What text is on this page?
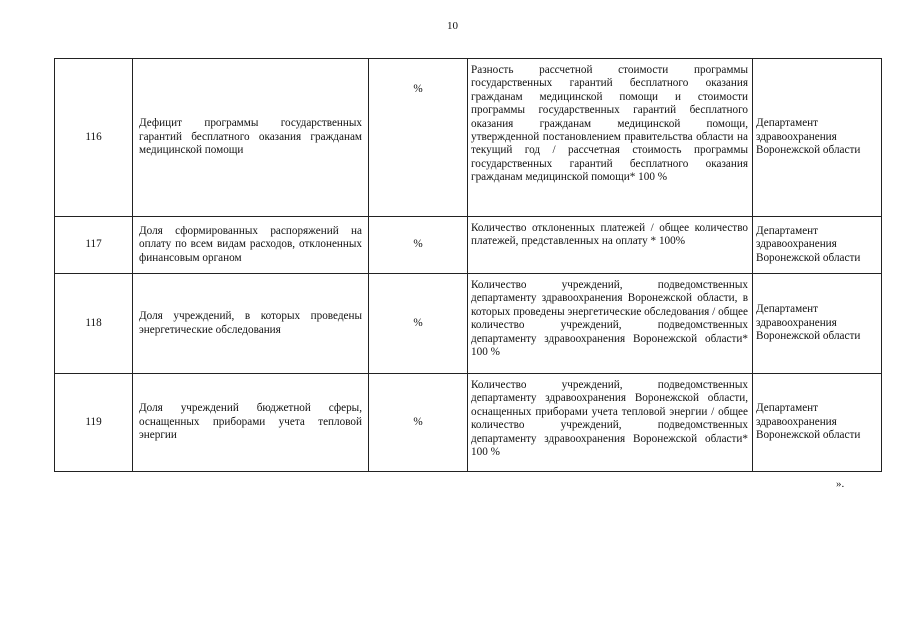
10
116	Дефицит программы государственных гарантий бесплатного оказания гражданам медицинской помощи	%	Разность рассчетной стоимости программы государственных гарантий бесплатного оказания гражданам медицинской помощи и стоимости программы государственных гарантий бесплатного оказания гражданам медицинской помощи, утвержденной постановлением правительства области на текущий год / рассчетная стоимость программы государственных гарантий бесплатного оказания гражданам медицинской помощи* 100 %	Департамент здравоохранения Воронежской области
117	Доля сформированных распоряжений на оплату по всем видам расходов, отклоненных финансовым органом	%	Количество отклоненных платежей / общее количество платежей, представленных на оплату * 100%	Департамент здравоохранения Воронежской области
118	Доля учреждений, в которых проведены энергетические обследования	%	Количество учреждений, подведомственных департаменту здравоохранения Воронежской области, в которых проведены энергетические обследования / общее количество учреждений, подведомственных департаменту здравоохранения Воронежской области* 100 %	Департамент здравоохранения Воронежской области
119	Доля учреждений бюджетной сферы, оснащенных приборами учета тепловой энергии	%	Количество учреждений, подведомственных департаменту здравоохранения Воронежской области, оснащенных приборами учета тепловой энергии / общее количество учреждений, подведомственных департаменту здравоохранения Воронежской области* 100 %	Департамент здравоохранения Воронежской области
».
